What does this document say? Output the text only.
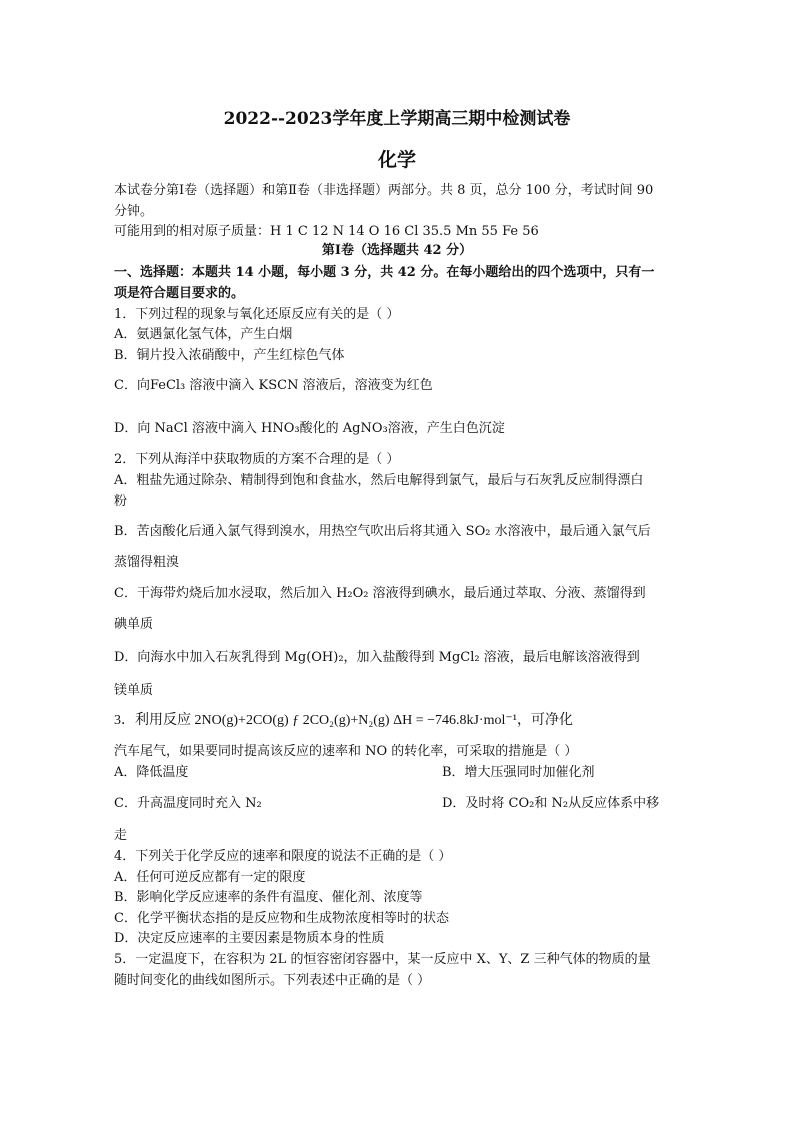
2022--2023学年度上学期高三期中检测试卷
化学
本试卷分第Ⅰ卷（选择题）和第Ⅱ卷（非选择题）两部分。共 8 页，总分 100 分，考试时间 90
分钟。
可能用到的相对原子质量：H 1 C 12 N 14 O 16 Cl 35.5 Mn 55 Fe 56
第Ⅰ卷（选择题共 42 分）
一、选择题：本题共 14 小题，每小题 3 分，共 42 分。在每小题给出的四个选项中，只有一
项是符合题目要求的。
1．下列过程的现象与氧化还原反应有关的是（ ）
A．氨遇氯化氢气体，产生白烟
B．铜片投入浓硝酸中，产生红棕色气体
C．向FeCl₃ 溶液中滴入 KSCN 溶液后，溶液变为红色
D．向 NaCl 溶液中滴入 HNO₃酸化的 AgNO₃溶液，产生白色沉淀
2．下列从海洋中获取物质的方案不合理的是（ ）
A．粗盐先通过除杂、精制得到饱和食盐水，然后电解得到氯气，最后与石灰乳反应制得漂白
粉
B．苦卤酸化后通入氯气得到溴水，用热空气吹出后将其通入 SO₂ 水溶液中，最后通入氯气后
蒸馏得粗溴
C．干海带灼烧后加水浸取，然后加入 H₂O₂ 溶液得到碘水，最后通过萃取、分液、蒸馏得到
碘单质
D．向海水中加入石灰乳得到 Mg(OH)₂，加入盐酸得到 MgCl₂ 溶液，最后电解该溶液得到
镁单质
3．利用反应 2NO(g)+2CO(g) ƒ 2CO₂(g)+N₂(g) ΔH = −746.8kJ·mol⁻¹，可净化
汽车尾气，如果要同时提高该反应的速率和 NO 的转化率，可采取的措施是（ ）
A．降低温度	B．增大压强同时加催化剂
C．升高温度同时充入 N₂	D．及时将 CO₂和 N₂从反应体系中移
走
4．下列关于化学反应的速率和限度的说法不正确的是（ ）
A．任何可逆反应都有一定的限度
B．影响化学反应速率的条件有温度、催化剂、浓度等
C．化学平衡状态指的是反应物和生成物浓度相等时的状态
D．决定反应速率的主要因素是物质本身的性质
5．一定温度下，在容积为 2L 的恒容密闭容器中，某一反应中 X、Y、Z 三种气体的物质的量
随时间变化的曲线如图所示。下列表述中正确的是（ ）
